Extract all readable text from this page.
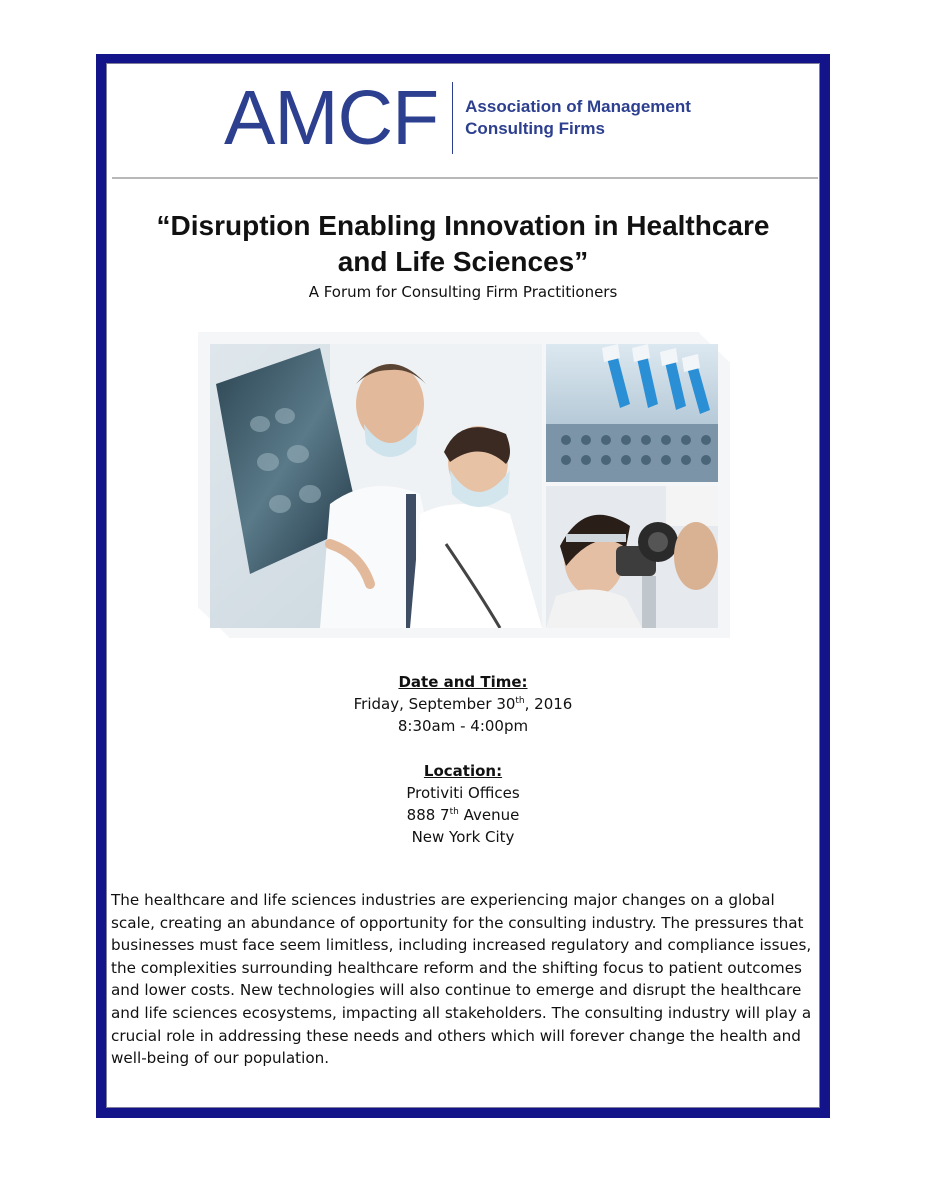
AMCF Association of Management
Consulting Firms
“Disruption Enabling Innovation in Healthcare
and Life Sciences”
A Forum for Consulting Firm Practitioners
Date and Time:
Friday, September 30th, 2016
8:30am - 4:00pm
Location:
Protiviti Offices
888 7th Avenue
New York City
The healthcare and life sciences industries are experiencing major changes on a global scale, creating an abundance of opportunity for the consulting industry. The pressures that businesses must face seem limitless, including increased regulatory and compliance issues, the complexities surrounding healthcare reform and the shifting focus to patient outcomes and lower costs. New technologies will also continue to emerge and disrupt the healthcare and life sciences ecosystems, impacting all stakeholders. The consulting industry will play a crucial role in addressing these needs and others which will forever change the health and well-being of our population.
